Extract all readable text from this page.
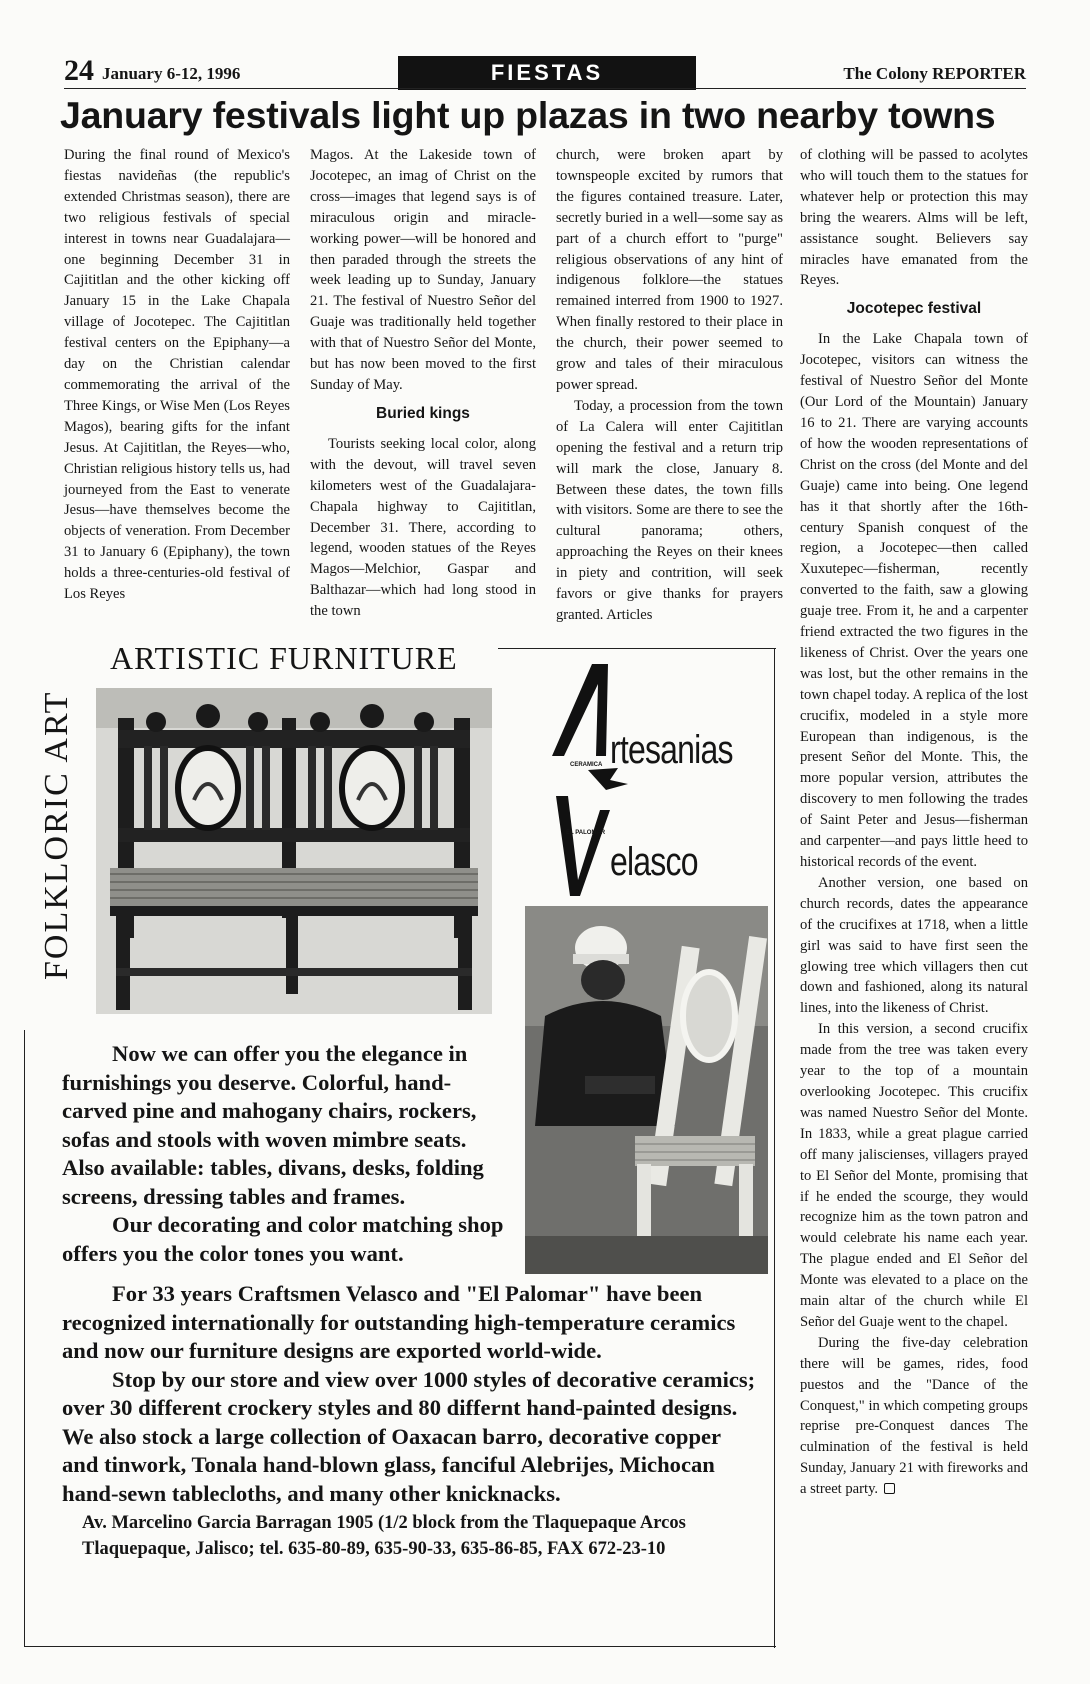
24 January 6-12, 1996	FIESTAS	The Colony REPORTER
January festivals light up plazas in two nearby towns

During the final round of Mexico's fiestas navideñas (the republic's extended Christmas season), there are two religious festivals of special interest in towns near Guadalajara—one beginning December 31 in Cajititlan and the other kicking off January 15 in the Lake Chapala village of Jocotepec. The Cajititlan festival centers on the Epiphany—a day on the Christian calendar commemorating the arrival of the Three Kings, or Wise Men (Los Reyes Magos), bearing gifts for the infant Jesus. At Cajititlan, the Reyes—who, Christian religious history tells us, had journeyed from the East to venerate Jesus—have themselves become the objects of veneration. From December 31 to January 6 (Epiphany), the town holds a three-centuries-old festival of Los Reyes

Magos. At the Lakeside town of Jocotepec, an imag of Christ on the cross—images that legend says is of miraculous origin and miracle-working power—will be honored and then paraded through the streets the week leading up to Sunday, January 21. The festival of Nuestro Señor del Guaje was traditionally held together with that of Nuestro Señor del Monte, but has now been moved to the first Sunday of May.

Buried kings

Tourists seeking local color, along with the devout, will travel seven kilometers west of the Guadalajara-Chapala highway to Cajititlan, December 31. There, according to legend, wooden statues of the Reyes Magos—Melchior, Gaspar and Balthazar—which had long stood in the town

church, were broken apart by townspeople excited by rumors that the figures contained treasure. Later, secretly buried in a well—some say as part of a church effort to "purge" religious observations of any hint of indigenous folklore—the statues remained interred from 1900 to 1927. When finally restored to their place in the church, their power seemed to grow and tales of their miraculous power spread.

Today, a procession from the town of La Calera will enter Cajititlan opening the festival and a return trip will mark the close, January 8. Between these dates, the town fills with visitors. Some are there to see the cultural panorama; others, approaching the Reyes on their knees in piety and contrition, will seek favors or give thanks for prayers granted. Articles

of clothing will be passed to acolytes who will touch them to the statues for whatever help or protection this may bring the wearers. Alms will be left, assistance sought. Believers say miracles have emanated from the Reyes.

Jocotepec festival

In the Lake Chapala town of Jocotepec, visitors can witness the festival of Nuestro Señor del Monte (Our Lord of the Mountain) January 16 to 21. There are varying accounts of how the wooden representations of Christ on the cross (del Monte and del Guaje) came into being. One legend has it that shortly after the 16th-century Spanish conquest of the region, a Jocotepec—then called Xuxutepec—fisherman, recently converted to the faith, saw a glowing guaje tree. From it, he and a carpenter friend extracted the two figures in the likeness of Christ. Over the years one was lost, but the other remains in the town chapel today. A replica of the lost crucifix, modeled in a style more European than indigenous, is the present Señor del Monte. This, the more popular version, attributes the discovery to men following the trades of Saint Peter and Jesus—fisherman and carpenter—and pays little heed to historical records of the event.

Another version, one based on church records, dates the appearance of the crucifixes at 1718, when a little girl was said to have first seen the glowing tree which villagers then cut down and fashioned, along its natural lines, into the likeness of Christ.

In this version, a second crucifix made from the tree was taken every year to the top of a mountain overlooking Jocotepec. This crucifix was named Nuestro Señor del Monte. In 1833, while a great plague carried off many jaliscienses, villagers prayed to El Señor del Monte, promising that if he ended the scourge, they would recognize him as the town patron and would celebrate his name each year. The plague ended and El Señor del Monte was elevated to a place on the main altar of the church while El Señor del Guaje went to the chapel.

During the five-day celebration there will be games, rides, food puestos and the "Dance of the Conquest," in which competing groups reprise pre-Conquest dances The culmination of the festival is held Sunday, January 21 with fireworks and a street party.

ARTISTIC FURNITURE
FOLKLORIC ART	rtesanias
elasco
CERAMICA
EL PALOMAR

Now we can offer you the elegance in furnishings you deserve. Colorful, hand-carved pine and mahogany chairs, rockers, sofas and stools with woven mimbre seats. Also available: tables, divans, desks, folding screens, dressing tables and frames.

Our decorating and color matching shop offers you the color tones you want.

For 33 years Craftsmen Velasco and "El Palomar" have been recognized internationally for outstanding high-temperature ceramics and now our furniture designs are exported world-wide.

Stop by our store and view over 1000 styles of decorative ceramics; over 30 different crockery styles and 80 differnt hand-painted designs. We also stock a large collection of Oaxacan barro, decorative copper and tinwork, Tonala hand-blown glass, fanciful Alebrijes, Michocan hand-sewn tablecloths, and many other knicknacks.

Av. Marcelino Garcia Barragan 1905 (1/2 block from the Tlaquepaque Arcos
Tlaquepaque, Jalisco; tel. 635-80-89, 635-90-33, 635-86-85, FAX 672-23-10
